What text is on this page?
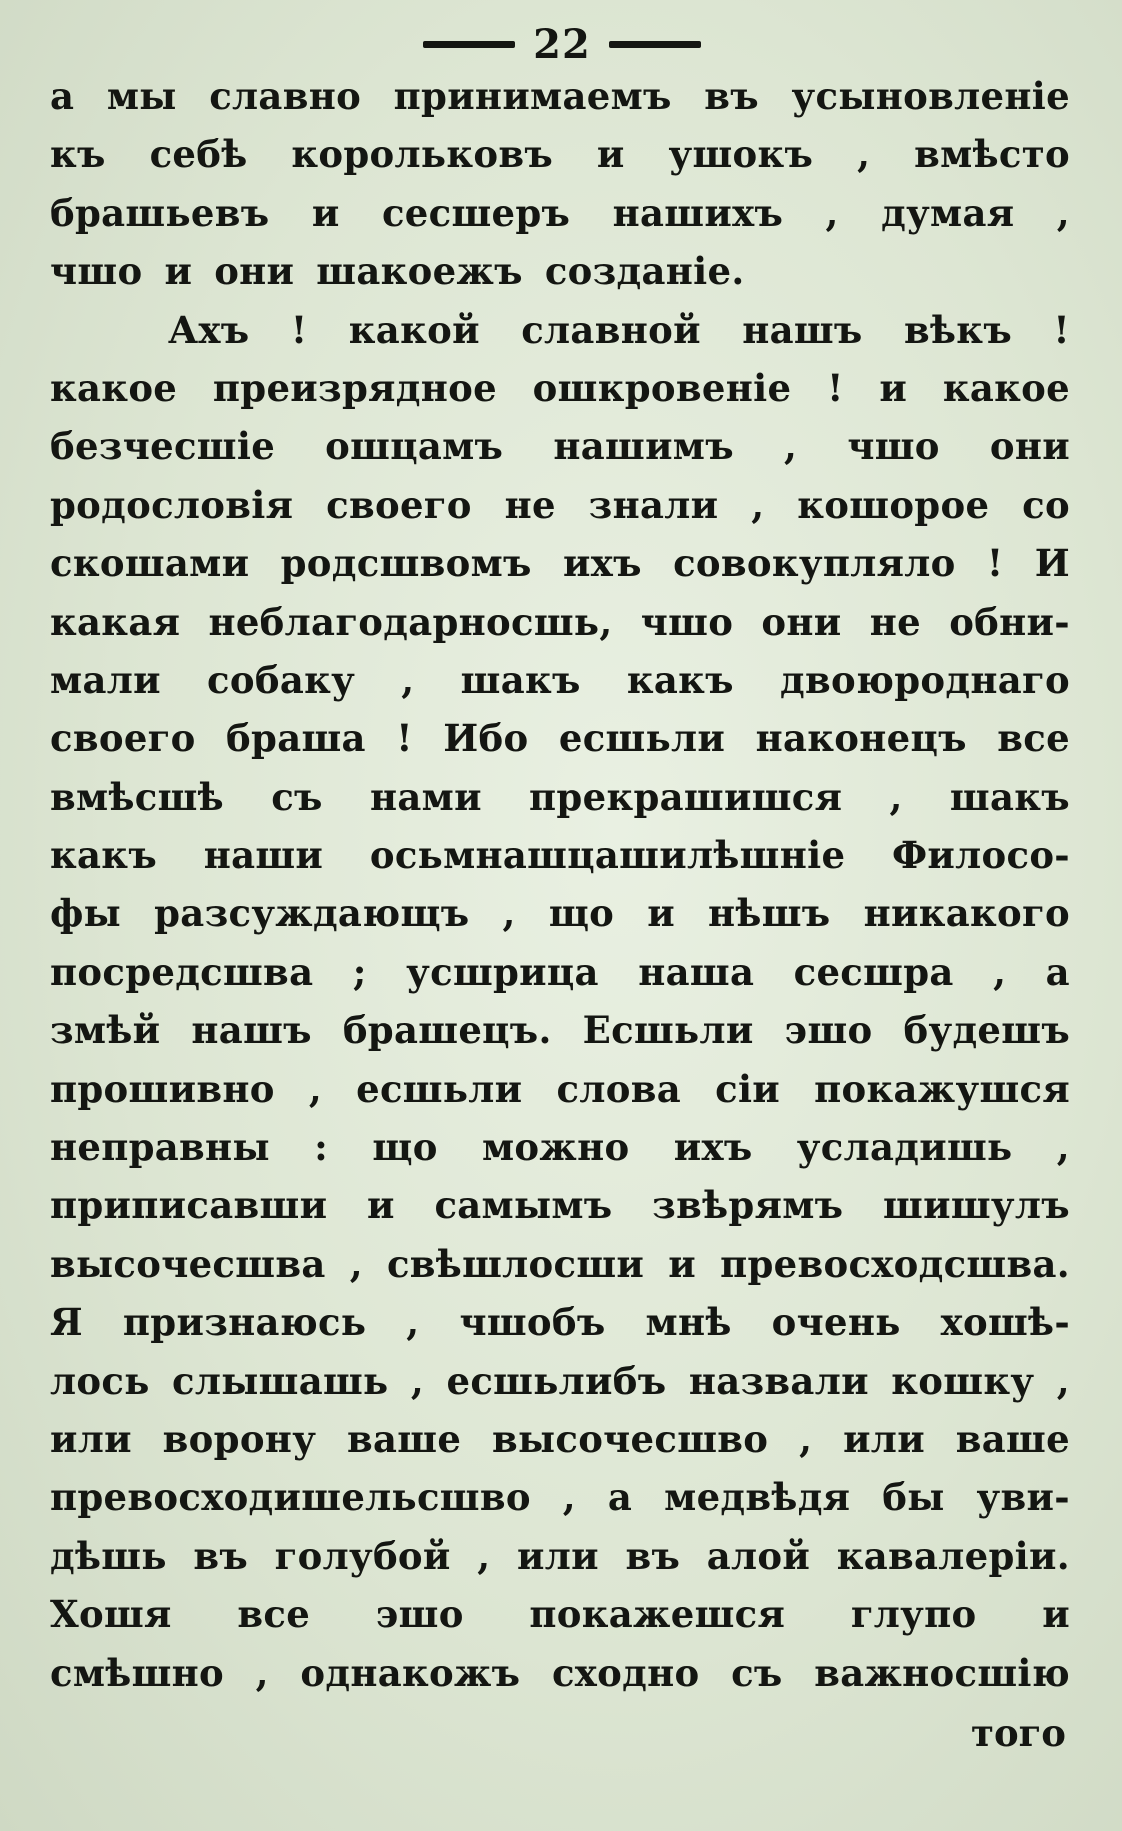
22
а мы славно принимаемъ въ усыновленіе
къ себѣ корольковъ и ушокъ , вмѣсто
брашьевъ и сесшеръ нашихъ , думая ,
чшо и они шакоежъ созданіе.
Ахъ ! какой славной нашъ вѣкъ !
какое преизрядное ошкровеніе ! и какое
безчесшіе ошцамъ нашимъ , чшо они
родословія своего не знали , кошорое со
скошами родсшвомъ ихъ совокупляло ! И
какая неблагодарносшь, чшо они не обни-
мали собаку , шакъ какъ двоюроднаго
своего браша ! Ибо есшьли наконецъ все
вмѣсшѣ съ нами прекрашишся , шакъ
какъ наши осьмнашцашилѣшніе Филосо-
фы разсуждающъ , що и нѣшъ никакого
посредсшва ; усшрица наша сесшра , а
змѣй нашъ брашецъ. Есшьли эшо будешъ
прошивно , есшьли слова сіи покажушся
неправны : що можно ихъ усладишь ,
приписавши и самымъ звѣрямъ шишулъ
высочесшва , свѣшлосши и превосходсшва.
Я признаюсь , чшобъ мнѣ очень хошѣ-
лось слышашь , есшьлибъ назвали кошку ,
или ворону ваше высочесшво , или ваше
превосходишельсшво , а медвѣдя бы уви-
дѣшь въ голубой , или въ алой кавалеріи.
Хошя все эшо покажешся глупо и
смѣшно , однакожъ сходно съ важносшію
того
